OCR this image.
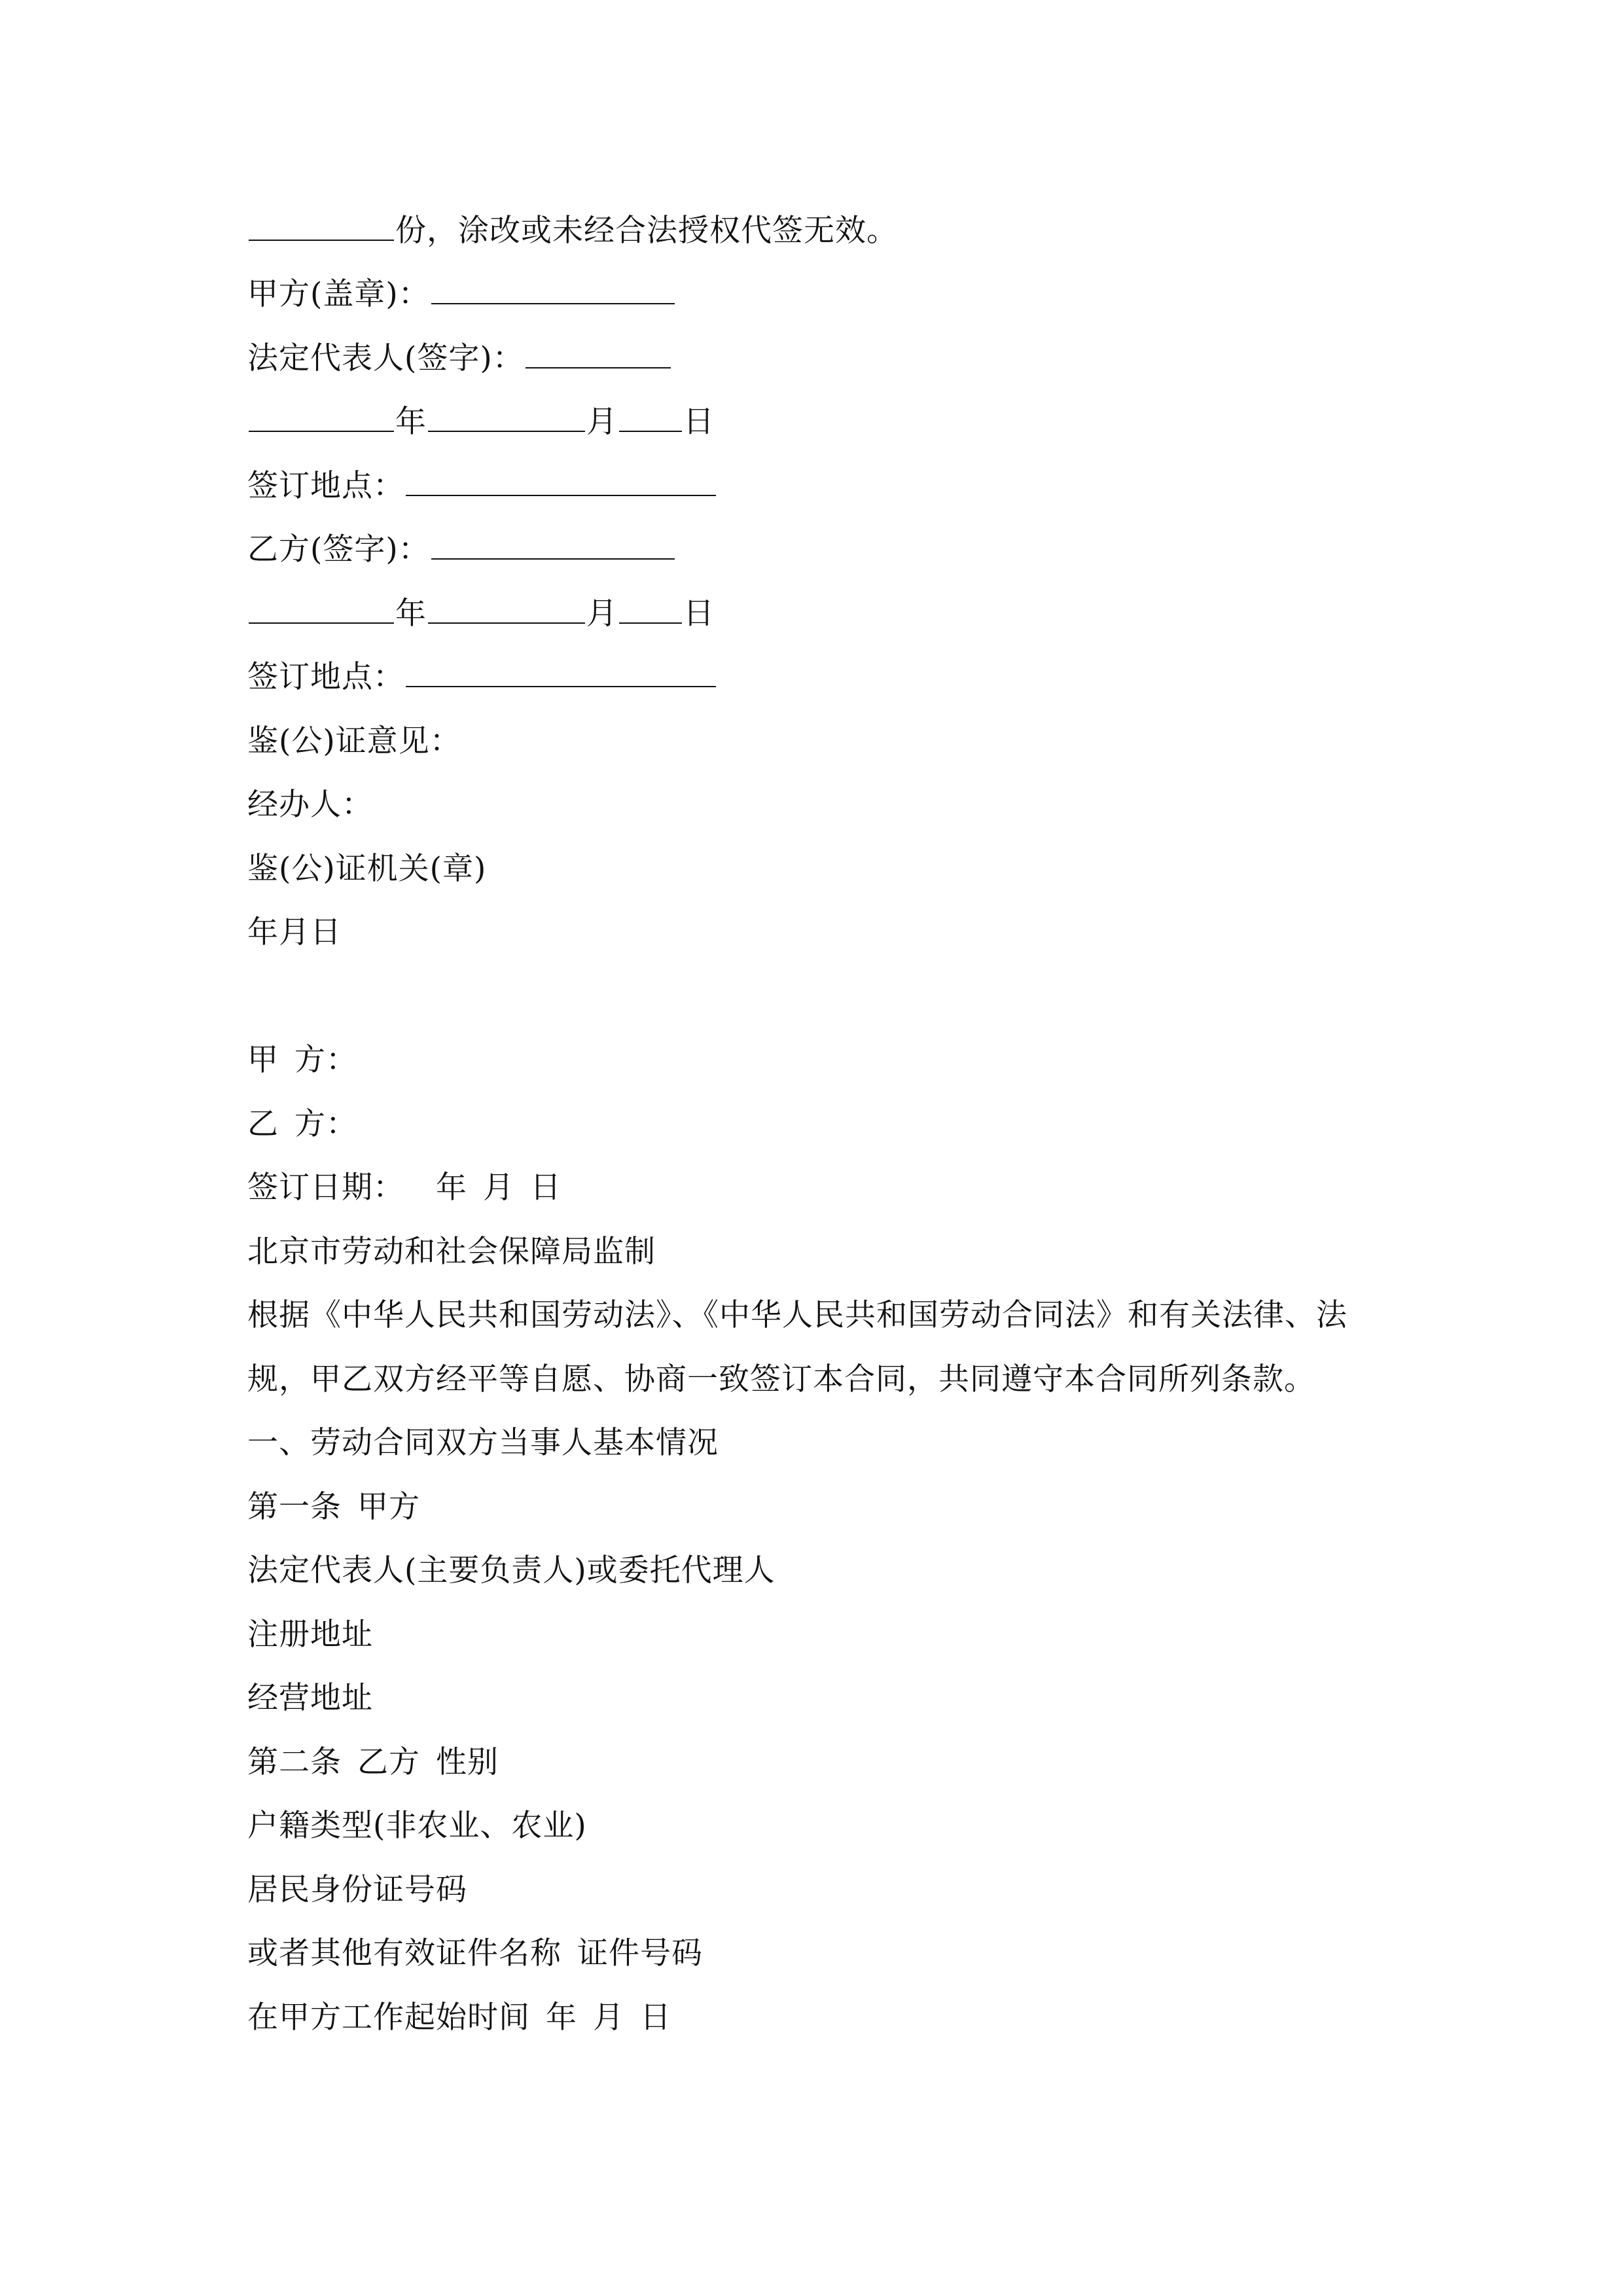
份，涂改或未经合法授权代签无效。
甲方(盖章)：
法定代表人(签字)：
年	月 日
签订地点：
乙方(签字)：
年	月 日
签订地点：
鉴(公)证意见：
经办人：
鉴(公)证机关(章)
年月日
甲 方：
乙 方：
签订日期： 年 月 日
北京市劳动和社会保障局监制
根据《中华人民共和国劳动法》、《中华人民共和国劳动合同法》和有关法律、法
规，甲乙双方经平等自愿、协商一致签订本合同，共同遵守本合同所列条款。
一、劳动合同双方当事人基本情况
第一条 甲方
法定代表人(主要负责人)或委托代理人
注册地址
经营地址
第二条 乙方 性别
户籍类型(非农业、农业)
居民身份证号码
或者其他有效证件名称 证件号码
在甲方工作起始时间 年 月 日
